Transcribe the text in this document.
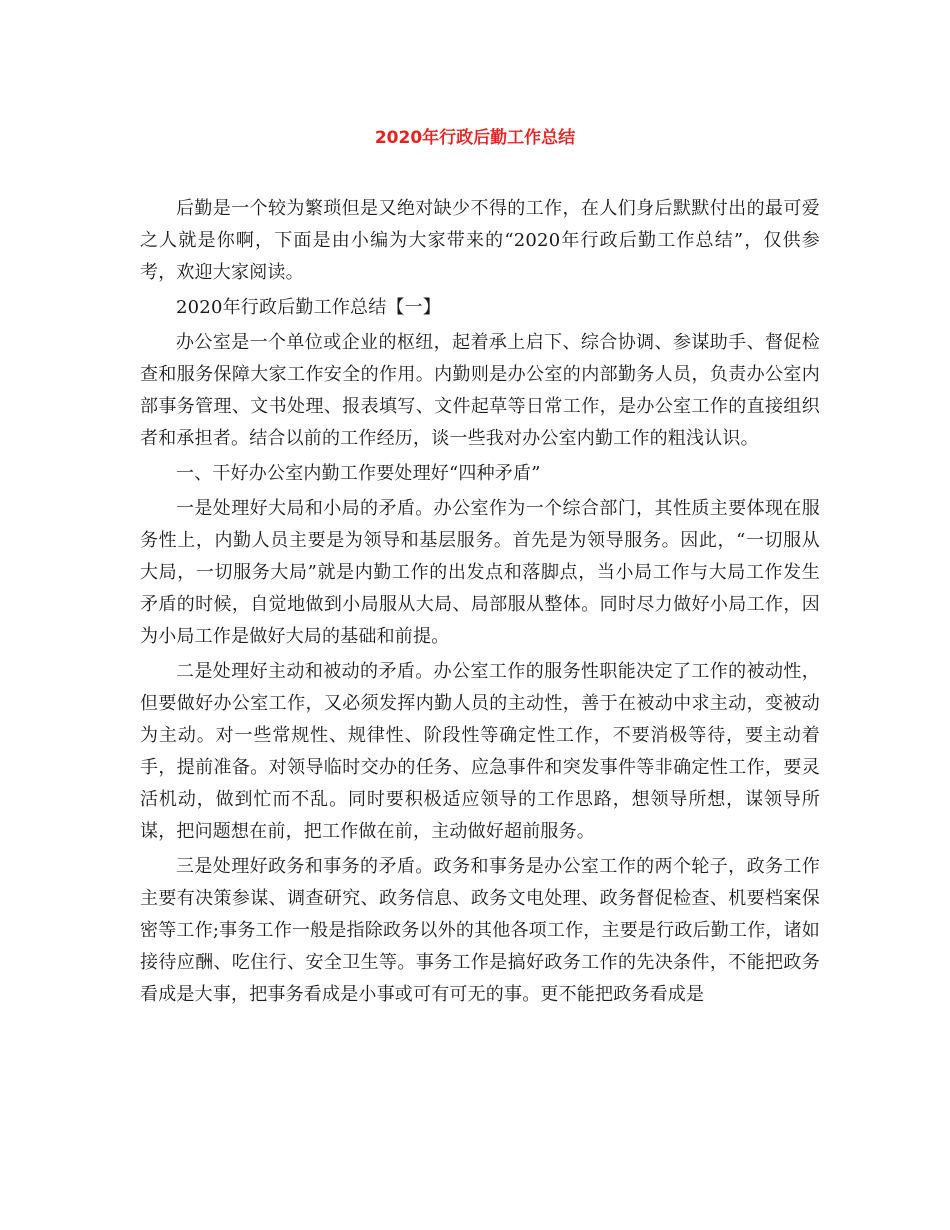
2020年行政后勤工作总结

后勤是一个较为繁琐但是又绝对缺少不得的工作，在人们身后默默付出的最可爱之人就是你啊，下面是由小编为大家带来的“2020年行政后勤工作总结”，仅供参考，欢迎大家阅读。

2020年行政后勤工作总结【一】

办公室是一个单位或企业的枢纽，起着承上启下、综合协调、参谋助手、督促检查和服务保障大家工作安全的作用。内勤则是办公室的内部勤务人员，负责办公室内部事务管理、文书处理、报表填写、文件起草等日常工作，是办公室工作的直接组织者和承担者。结合以前的工作经历，谈一些我对办公室内勤工作的粗浅认识。

一、干好办公室内勤工作要处理好“四种矛盾”

一是处理好大局和小局的矛盾。办公室作为一个综合部门，其性质主要体现在服务性上，内勤人员主要是为领导和基层服务。首先是为领导服务。因此，“一切服从大局，一切服务大局”就是内勤工作的出发点和落脚点，当小局工作与大局工作发生矛盾的时候，自觉地做到小局服从大局、局部服从整体。同时尽力做好小局工作，因为小局工作是做好大局的基础和前提。

二是处理好主动和被动的矛盾。办公室工作的服务性职能决定了工作的被动性，但要做好办公室工作，又必须发挥内勤人员的主动性，善于在被动中求主动，变被动为主动。对一些常规性、规律性、阶段性等确定性工作，不要消极等待，要主动着手，提前准备。对领导临时交办的任务、应急事件和突发事件等非确定性工作，要灵活机动，做到忙而不乱。同时要积极适应领导的工作思路，想领导所想，谋领导所谋，把问题想在前，把工作做在前，主动做好超前服务。

三是处理好政务和事务的矛盾。政务和事务是办公室工作的两个轮子，政务工作主要有决策参谋、调查研究、政务信息、政务文电处理、政务督促检查、机要档案保密等工作;事务工作一般是指除政务以外的其他各项工作，主要是行政后勤工作，诸如接待应酬、吃住行、安全卫生等。事务工作是搞好政务工作的先决条件，不能把政务看成是大事，把事务看成是小事或可有可无的事。更不能把政务看成是
